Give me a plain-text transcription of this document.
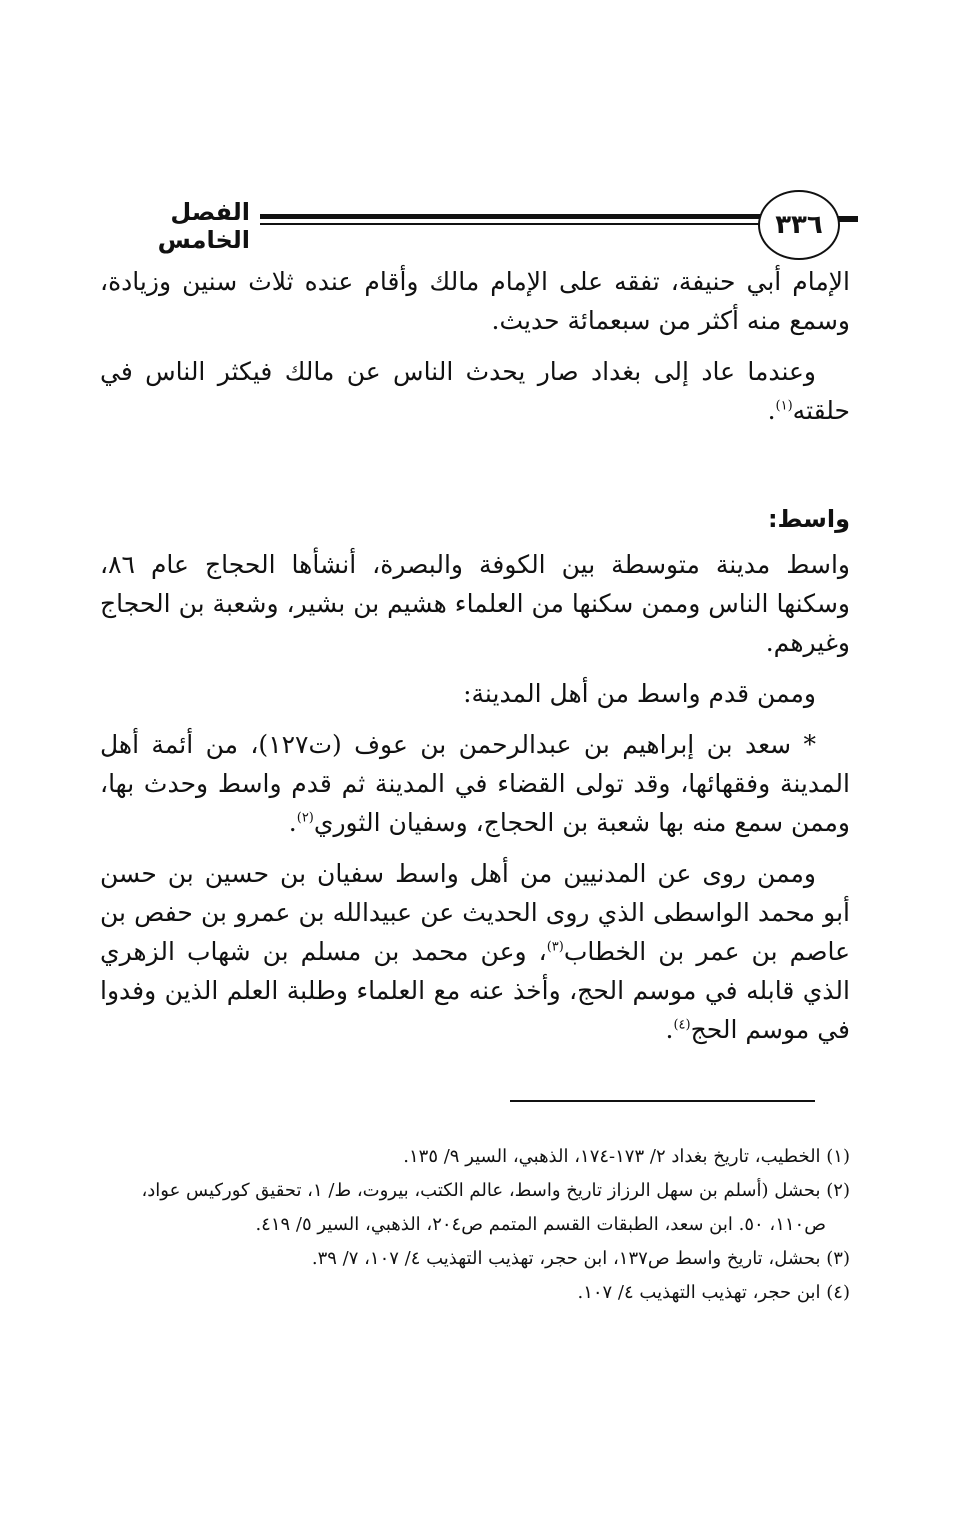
الفصل الخامس	٣٣٦

الإمام أبي حنيفة، تفقه على الإمام مالك وأقام عنده ثلاث سنين وزيادة، وسمع منه أكثر من سبعمائة حديث.

وعندما عاد إلى بغداد صار يحدث الناس عن مالك فيكثر الناس في حلقته$^{(١)}$.

واسط:

واسط مدينة متوسطة بين الكوفة والبصرة، أنشأها الحجاج عام ٨٦، وسكنها الناس وممن سكنها من العلماء هشيم بن بشير، وشعبة بن الحجاج وغيرهم.

وممن قدم واسط من أهل المدينة:

* سعد بن إبراهيم بن عبدالرحمن بن عوف (ت١٢٧)، من أئمة أهل المدينة وفقهائها، وقد تولى القضاء في المدينة ثم قدم واسط وحدث بها، وممن سمع منه بها شعبة بن الحجاج، وسفيان الثوري$^{(٢)}$.

وممن روى عن المدنيين من أهل واسط سفيان بن حسين بن حسن أبو محمد الواسطى الذي روى الحديث عن عبيدالله بن عمرو بن حفص بن عاصم بن عمر بن الخطاب$^{(٣)}$، وعن محمد بن مسلم بن شهاب الزهري الذي قابله في موسم الحج، وأخذ عنه مع العلماء وطلبة العلم الذين وفدوا في موسم الحج$^{(٤)}$.

(١) الخطيب، تاريخ بغداد ٢/ ١٧٣-١٧٤، الذهبي، السير ٩/ ١٣٥.
(٢) بحشل (أسلم بن سهل الرزاز تاريخ واسط، عالم الكتب، بيروت، ط/ ١، تحقيق كوركيس عواد،
ص١١٠، ٥٠. ابن سعد، الطبقات القسم المتمم ص٢٠٤، الذهبي، السير ٥/ ٤١٩.
(٣) بحشل، تاريخ واسط ص١٣٧، ابن حجر، تهذيب التهذيب ٤/ ١٠٧، ٧/ ٣٩.
(٤) ابن حجر، تهذيب التهذيب ٤/ ١٠٧.
